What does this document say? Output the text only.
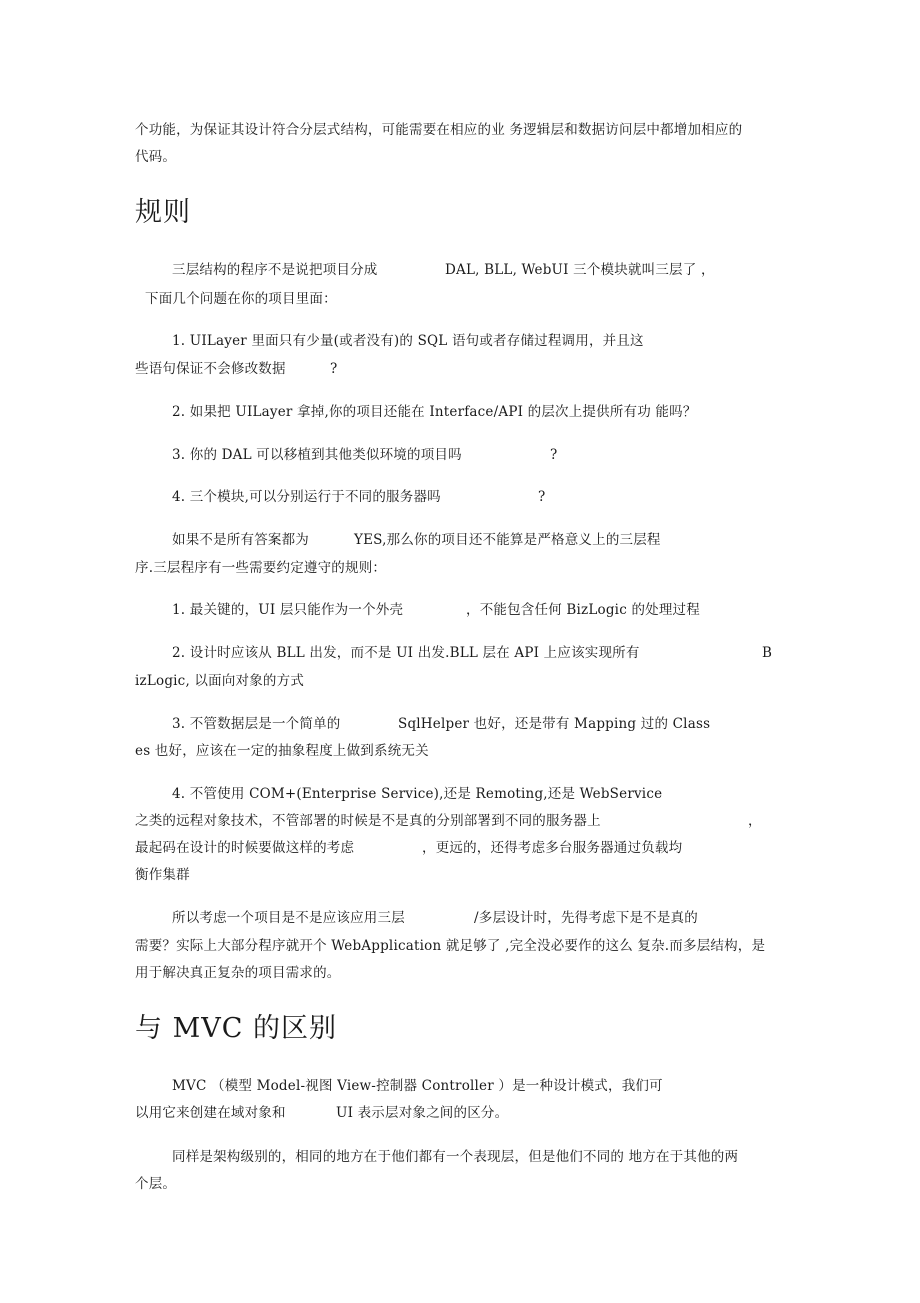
个功能，为保证其设计符合分层式结构，可能需要在相应的业 务逻辑层和数据访问层中都增加相应的
代码。
规则
三层结构的程序不是说把项目分成	DAL, BLL, WebUI 三个模块就叫三层了 ，
下面几个问题在你的项目里面：
1. UILayer 里面只有少量(或者没有)的 SQL 语句或者存储过程调用，并且这
些语句保证不会修改数据	?
2. 如果把 UILayer 拿掉,你的项目还能在 Interface/API 的层次上提供所有功 能吗？
3. 你的 DAL 可以移植到其他类似环境的项目吗	?
4. 三个模块,可以分别运行于不同的服务器吗	?
如果不是所有答案都为	YES,那么你的项目还不能算是严格意义上的三层程
序.三层程序有一些需要约定遵守的规则：
1. 最关键的，UI 层只能作为一个外壳	，不能包含任何 BizLogic 的处理过程
2. 设计时应该从 BLL 出发，而不是 UI 出发.BLL 层在 API 上应该实现所有	B
izLogic, 以面向对象的方式
3. 不管数据层是一个简单的	SqlHelper 也好，还是带有 Mapping 过的 Class
es 也好，应该在一定的抽象程度上做到系统无关
4. 不管使用 COM+(Enterprise Service),还是 Remoting,还是 WebService
之类的远程对象技术，不管部署的时候是不是真的分别部署到不同的服务器上	，
最起码在设计的时候要做这样的考虑	，更远的，还得考虑多台服务器通过负载均
衡作集群
所以考虑一个项目是不是应该应用三层	/多层设计时，先得考虑下是不是真的
需要？实际上大部分程序就开个 WebApplication 就足够了 ,完全没必要作的这么 复杂.而多层结构，是
用于解决真正复杂的项目需求的。
与 MVC 的区别
MVC （模型 Model-视图 View-控制器 Controller ）是一种设计模式，我们可
以用它来创建在域对象和	UI 表示层对象之间的区分。
同样是架构级别的，相同的地方在于他们都有一个表现层，但是他们不同的 地方在于其他的两
个层。
